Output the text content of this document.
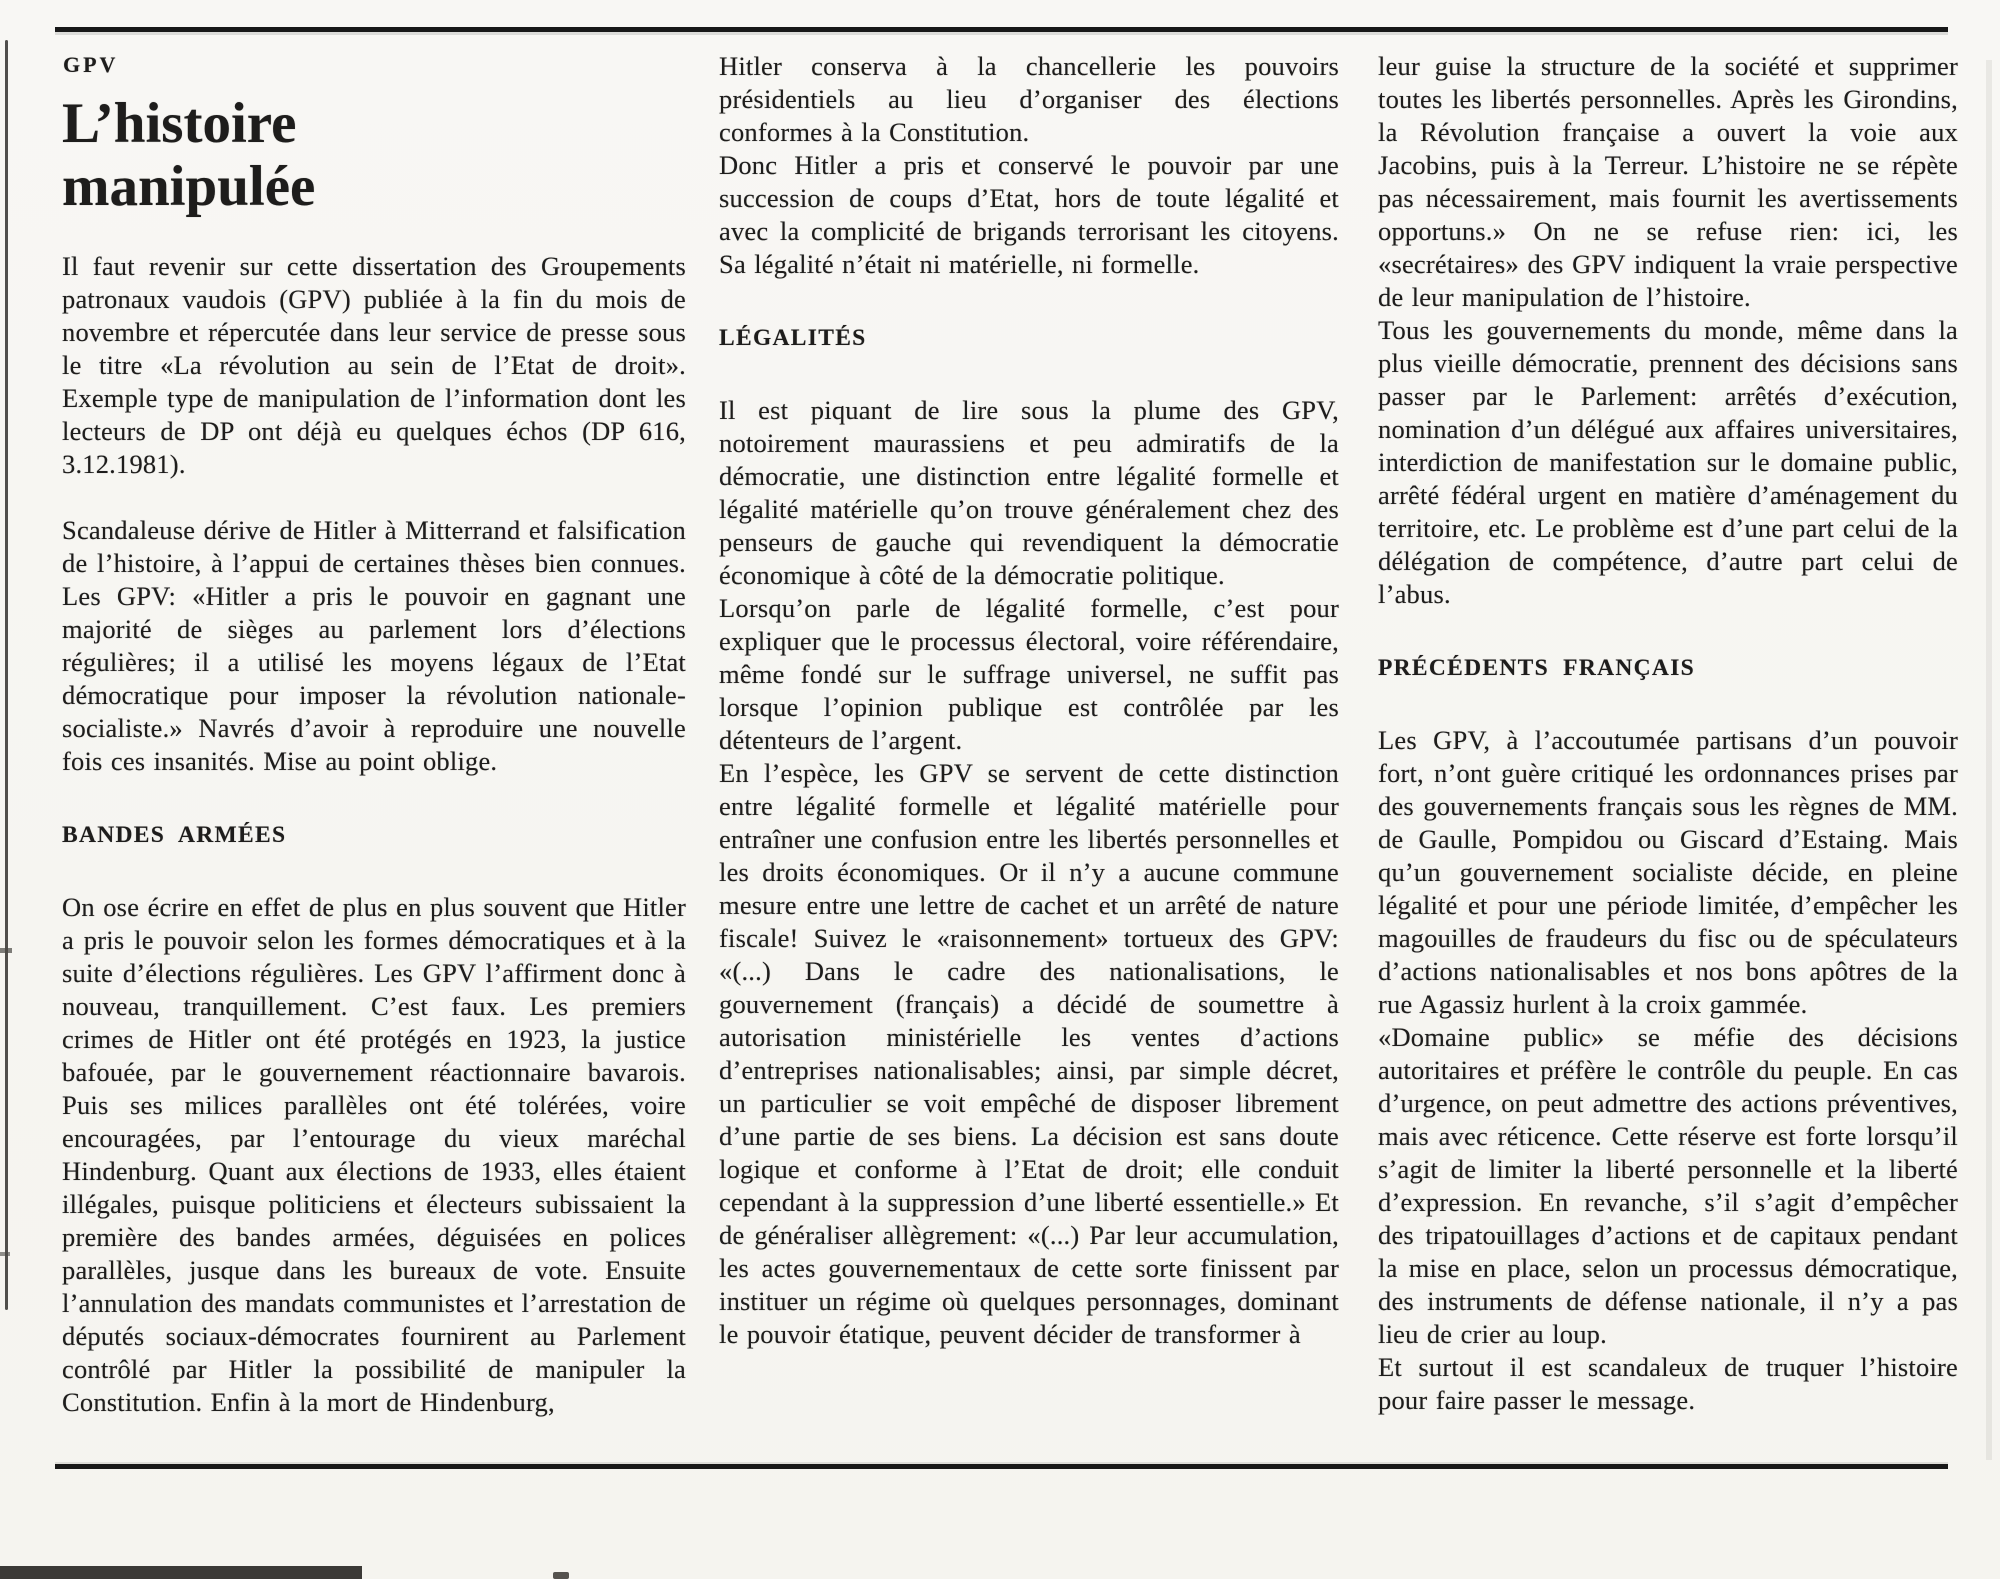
GPV
L’histoire
manipulée

Il faut revenir sur cette dissertation des Groupements patronaux vaudois (GPV) publiée à la fin du mois de novembre et répercutée dans leur service de presse sous le titre «La révolution au sein de l’Etat de droit». Exemple type de manipulation de l’information dont les lecteurs de DP ont déjà eu quelques échos (DP 616, 3.12.1981).

Scandaleuse dérive de Hitler à Mitterrand et falsification de l’histoire, à l’appui de certaines thèses bien connues. Les GPV: «Hitler a pris le pouvoir en gagnant une majorité de sièges au parlement lors d’élections régulières; il a utilisé les moyens légaux de l’Etat démocratique pour imposer la révolution nationale-socialiste.» Navrés d’avoir à reproduire une nouvelle fois ces insanités. Mise au point oblige.

BANDES ARMÉES

On ose écrire en effet de plus en plus souvent que Hitler a pris le pouvoir selon les formes démocratiques et à la suite d’élections régulières. Les GPV l’affirment donc à nouveau, tranquillement. C’est faux. Les premiers crimes de Hitler ont été protégés en 1923, la justice bafouée, par le gouvernement réactionnaire bavarois. Puis ses milices parallèles ont été tolérées, voire encouragées, par l’entourage du vieux maréchal Hindenburg. Quant aux élections de 1933, elles étaient illégales, puisque politiciens et électeurs subissaient la première des bandes armées, déguisées en polices parallèles, jusque dans les bureaux de vote. Ensuite l’annulation des mandats communistes et l’arrestation de députés sociaux-démocrates fournirent au Parlement contrôlé par Hitler la possibilité de manipuler la Constitution. Enfin à la mort de Hindenburg,

Hitler conserva à la chancellerie les pouvoirs présidentiels au lieu d’organiser des élections conformes à la Constitution.

Donc Hitler a pris et conservé le pouvoir par une succession de coups d’Etat, hors de toute légalité et avec la complicité de brigands terrorisant les citoyens. Sa légalité n’était ni matérielle, ni formelle.

LÉGALITÉS

Il est piquant de lire sous la plume des GPV, notoirement maurassiens et peu admiratifs de la démocratie, une distinction entre légalité formelle et légalité matérielle qu’on trouve généralement chez des penseurs de gauche qui revendiquent la démocratie économique à côté de la démocratie politique.

Lorsqu’on parle de légalité formelle, c’est pour expliquer que le processus électoral, voire référendaire, même fondé sur le suffrage universel, ne suffit pas lorsque l’opinion publique est contrôlée par les détenteurs de l’argent.

En l’espèce, les GPV se servent de cette distinction entre légalité formelle et légalité matérielle pour entraîner une confusion entre les libertés personnelles et les droits économiques. Or il n’y a aucune commune mesure entre une lettre de cachet et un arrêté de nature fiscale! Suivez le «raisonnement» tortueux des GPV: «(...) Dans le cadre des nationalisations, le gouvernement (français) a décidé de soumettre à autorisation ministérielle les ventes d’actions d’entreprises nationalisables; ainsi, par simple décret, un particulier se voit empêché de disposer librement d’une partie de ses biens. La décision est sans doute logique et conforme à l’Etat de droit; elle conduit cependant à la suppression d’une liberté essentielle.» Et de généraliser allègrement: «(...) Par leur accumulation, les actes gouvernementaux de cette sorte finissent par instituer un régime où quelques personnages, dominant le pouvoir étatique, peuvent décider de transformer à

leur guise la structure de la société et supprimer toutes les libertés personnelles. Après les Girondins, la Révolution française a ouvert la voie aux Jacobins, puis à la Terreur. L’histoire ne se répète pas nécessairement, mais fournit les avertissements opportuns.» On ne se refuse rien: ici, les «secrétaires» des GPV indiquent la vraie perspective de leur manipulation de l’histoire.

Tous les gouvernements du monde, même dans la plus vieille démocratie, prennent des décisions sans passer par le Parlement: arrêtés d’exécution, nomination d’un délégué aux affaires universitaires, interdiction de manifestation sur le domaine public, arrêté fédéral urgent en matière d’aménagement du territoire, etc. Le problème est d’une part celui de la délégation de compétence, d’autre part celui de l’abus.

PRÉCÉDENTS FRANÇAIS

Les GPV, à l’accoutumée partisans d’un pouvoir fort, n’ont guère critiqué les ordonnances prises par des gouvernements français sous les règnes de MM. de Gaulle, Pompidou ou Giscard d’Estaing. Mais qu’un gouvernement socialiste décide, en pleine légalité et pour une période limitée, d’empêcher les magouilles de fraudeurs du fisc ou de spéculateurs d’actions nationalisables et nos bons apôtres de la rue Agassiz hurlent à la croix gammée.

«Domaine public» se méfie des décisions autoritaires et préfère le contrôle du peuple. En cas d’urgence, on peut admettre des actions préventives, mais avec réticence. Cette réserve est forte lorsqu’il s’agit de limiter la liberté personnelle et la liberté d’expression. En revanche, s’il s’agit d’empêcher des tripatouillages d’actions et de capitaux pendant la mise en place, selon un processus démocratique, des instruments de défense nationale, il n’y a pas lieu de crier au loup.

Et surtout il est scandaleux de truquer l’histoire pour faire passer le message.
